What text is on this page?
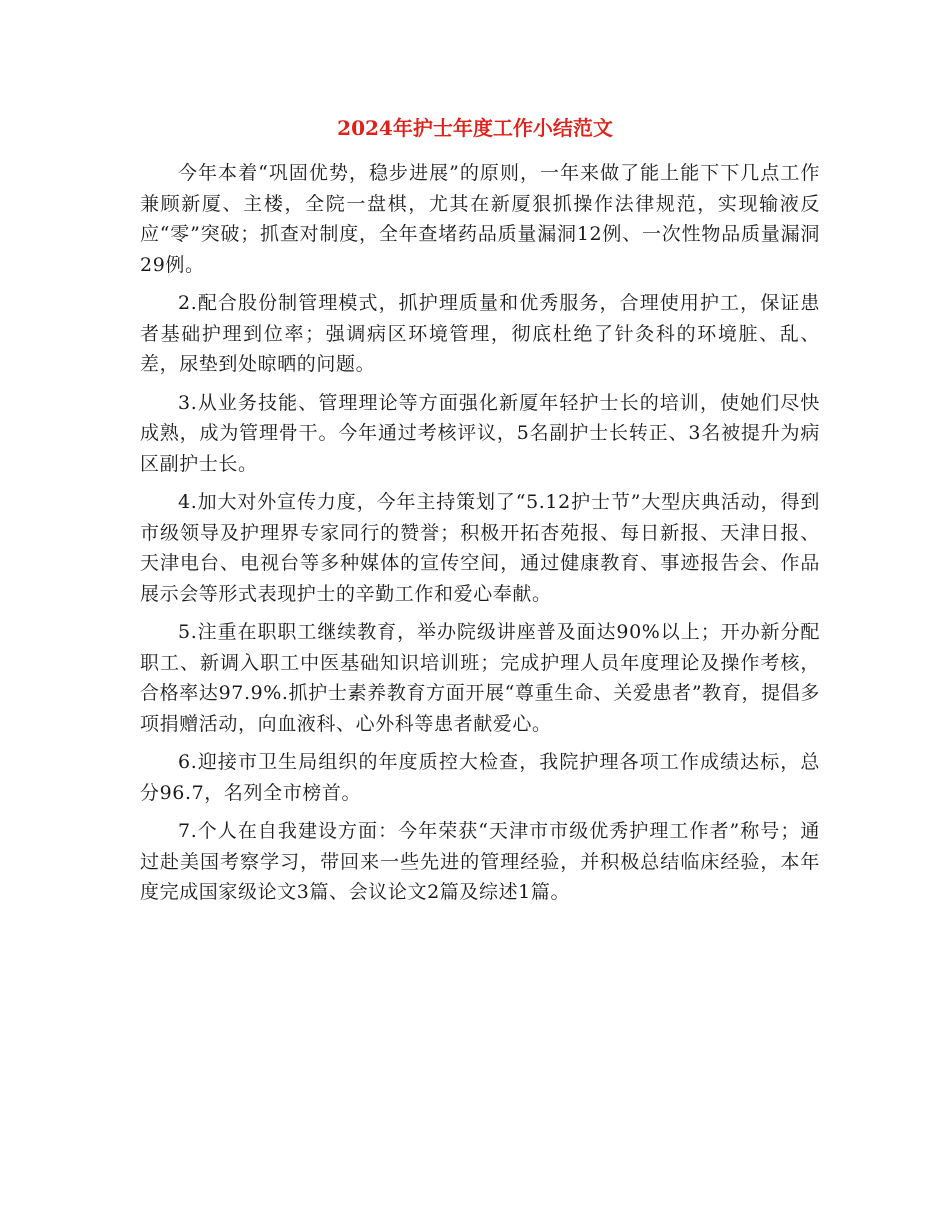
2024年护士年度工作小结范文

今年本着“巩固优势，稳步进展”的原则，一年来做了能上能下下几点工作兼顾新厦、主楼，全院一盘棋，尤其在新厦狠抓操作法律规范，实现输液反应“零”突破；抓查对制度，全年查堵药品质量漏洞12例、一次性物品质量漏洞29例。

2.配合股份制管理模式，抓护理质量和优秀服务，合理使用护工，保证患者基础护理到位率；强调病区环境管理，彻底杜绝了针灸科的环境脏、乱、差，尿垫到处晾晒的问题。

3.从业务技能、管理理论等方面强化新厦年轻护士长的培训，使她们尽快成熟，成为管理骨干。今年通过考核评议，5名副护士长转正、3名被提升为病区副护士长。

4.加大对外宣传力度，今年主持策划了“5.12护士节”大型庆典活动，得到市级领导及护理界专家同行的赞誉；积极开拓杏苑报、每日新报、天津日报、天津电台、电视台等多种媒体的宣传空间，通过健康教育、事迹报告会、作品展示会等形式表现护士的辛勤工作和爱心奉献。

5.注重在职职工继续教育，举办院级讲座普及面达90%以上；开办新分配职工、新调入职工中医基础知识培训班；完成护理人员年度理论及操作考核，合格率达97.9%.抓护士素养教育方面开展“尊重生命、关爱患者”教育，提倡多项捐赠活动，向血液科、心外科等患者献爱心。

6.迎接市卫生局组织的年度质控大检查，我院护理各项工作成绩达标，总分96.7，名列全市榜首。

7.个人在自我建设方面：今年荣获“天津市市级优秀护理工作者”称号；通过赴美国考察学习，带回来一些先进的管理经验，并积极总结临床经验，本年度完成国家级论文3篇、会议论文2篇及综述1篇。
